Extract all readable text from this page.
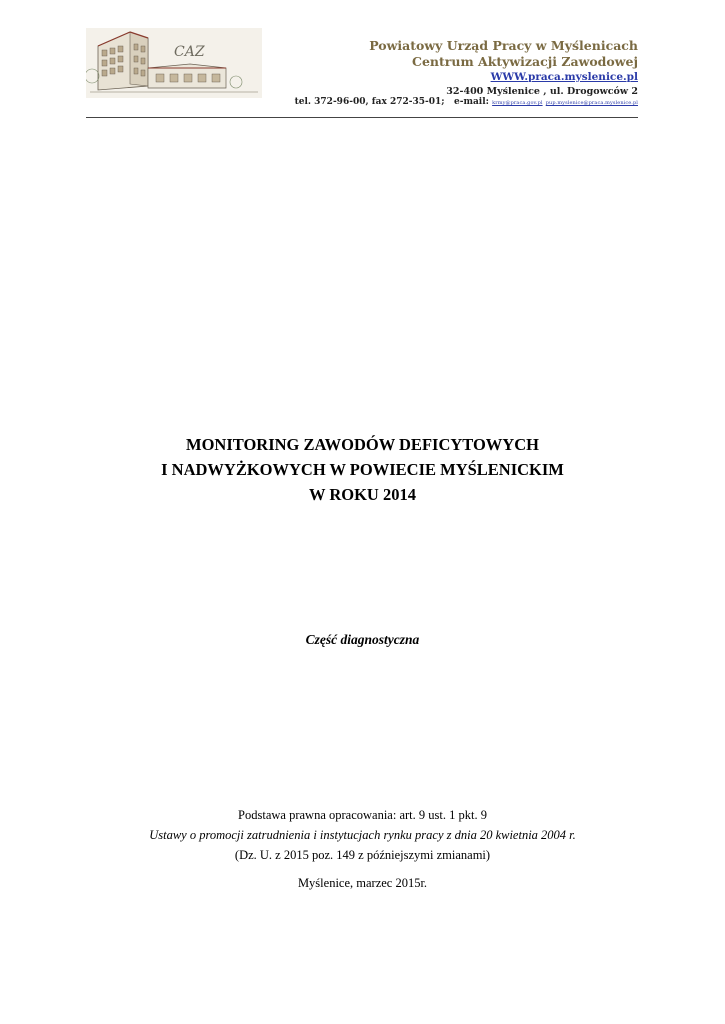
CAZ	Powiatowy Urząd Pracy w Myślenicach
Centrum Aktywizacji Zawodowej
WWW.praca.myslenice.pl
32-400 Myślenice , ul. Drogowców 2
tel. 372-96-00, fax 272-35-01; e-mail: krmy@praca.gov.pl pup.myslenice@praca.myslenice.pl
MONITORING ZAWODÓW DEFICYTOWYCH
I NADWYŻKOWYCH W POWIECIE MYŚLENICKIM
W ROKU 2014
Część diagnostyczna
Podstawa prawna opracowania: art. 9 ust. 1 pkt. 9
Ustawy o promocji zatrudnienia i instytucjach rynku pracy z dnia 20 kwietnia 2004 r.
(Dz. U. z 2015 poz. 149 z późniejszymi zmianami)
Myślenice, marzec 2015r.
